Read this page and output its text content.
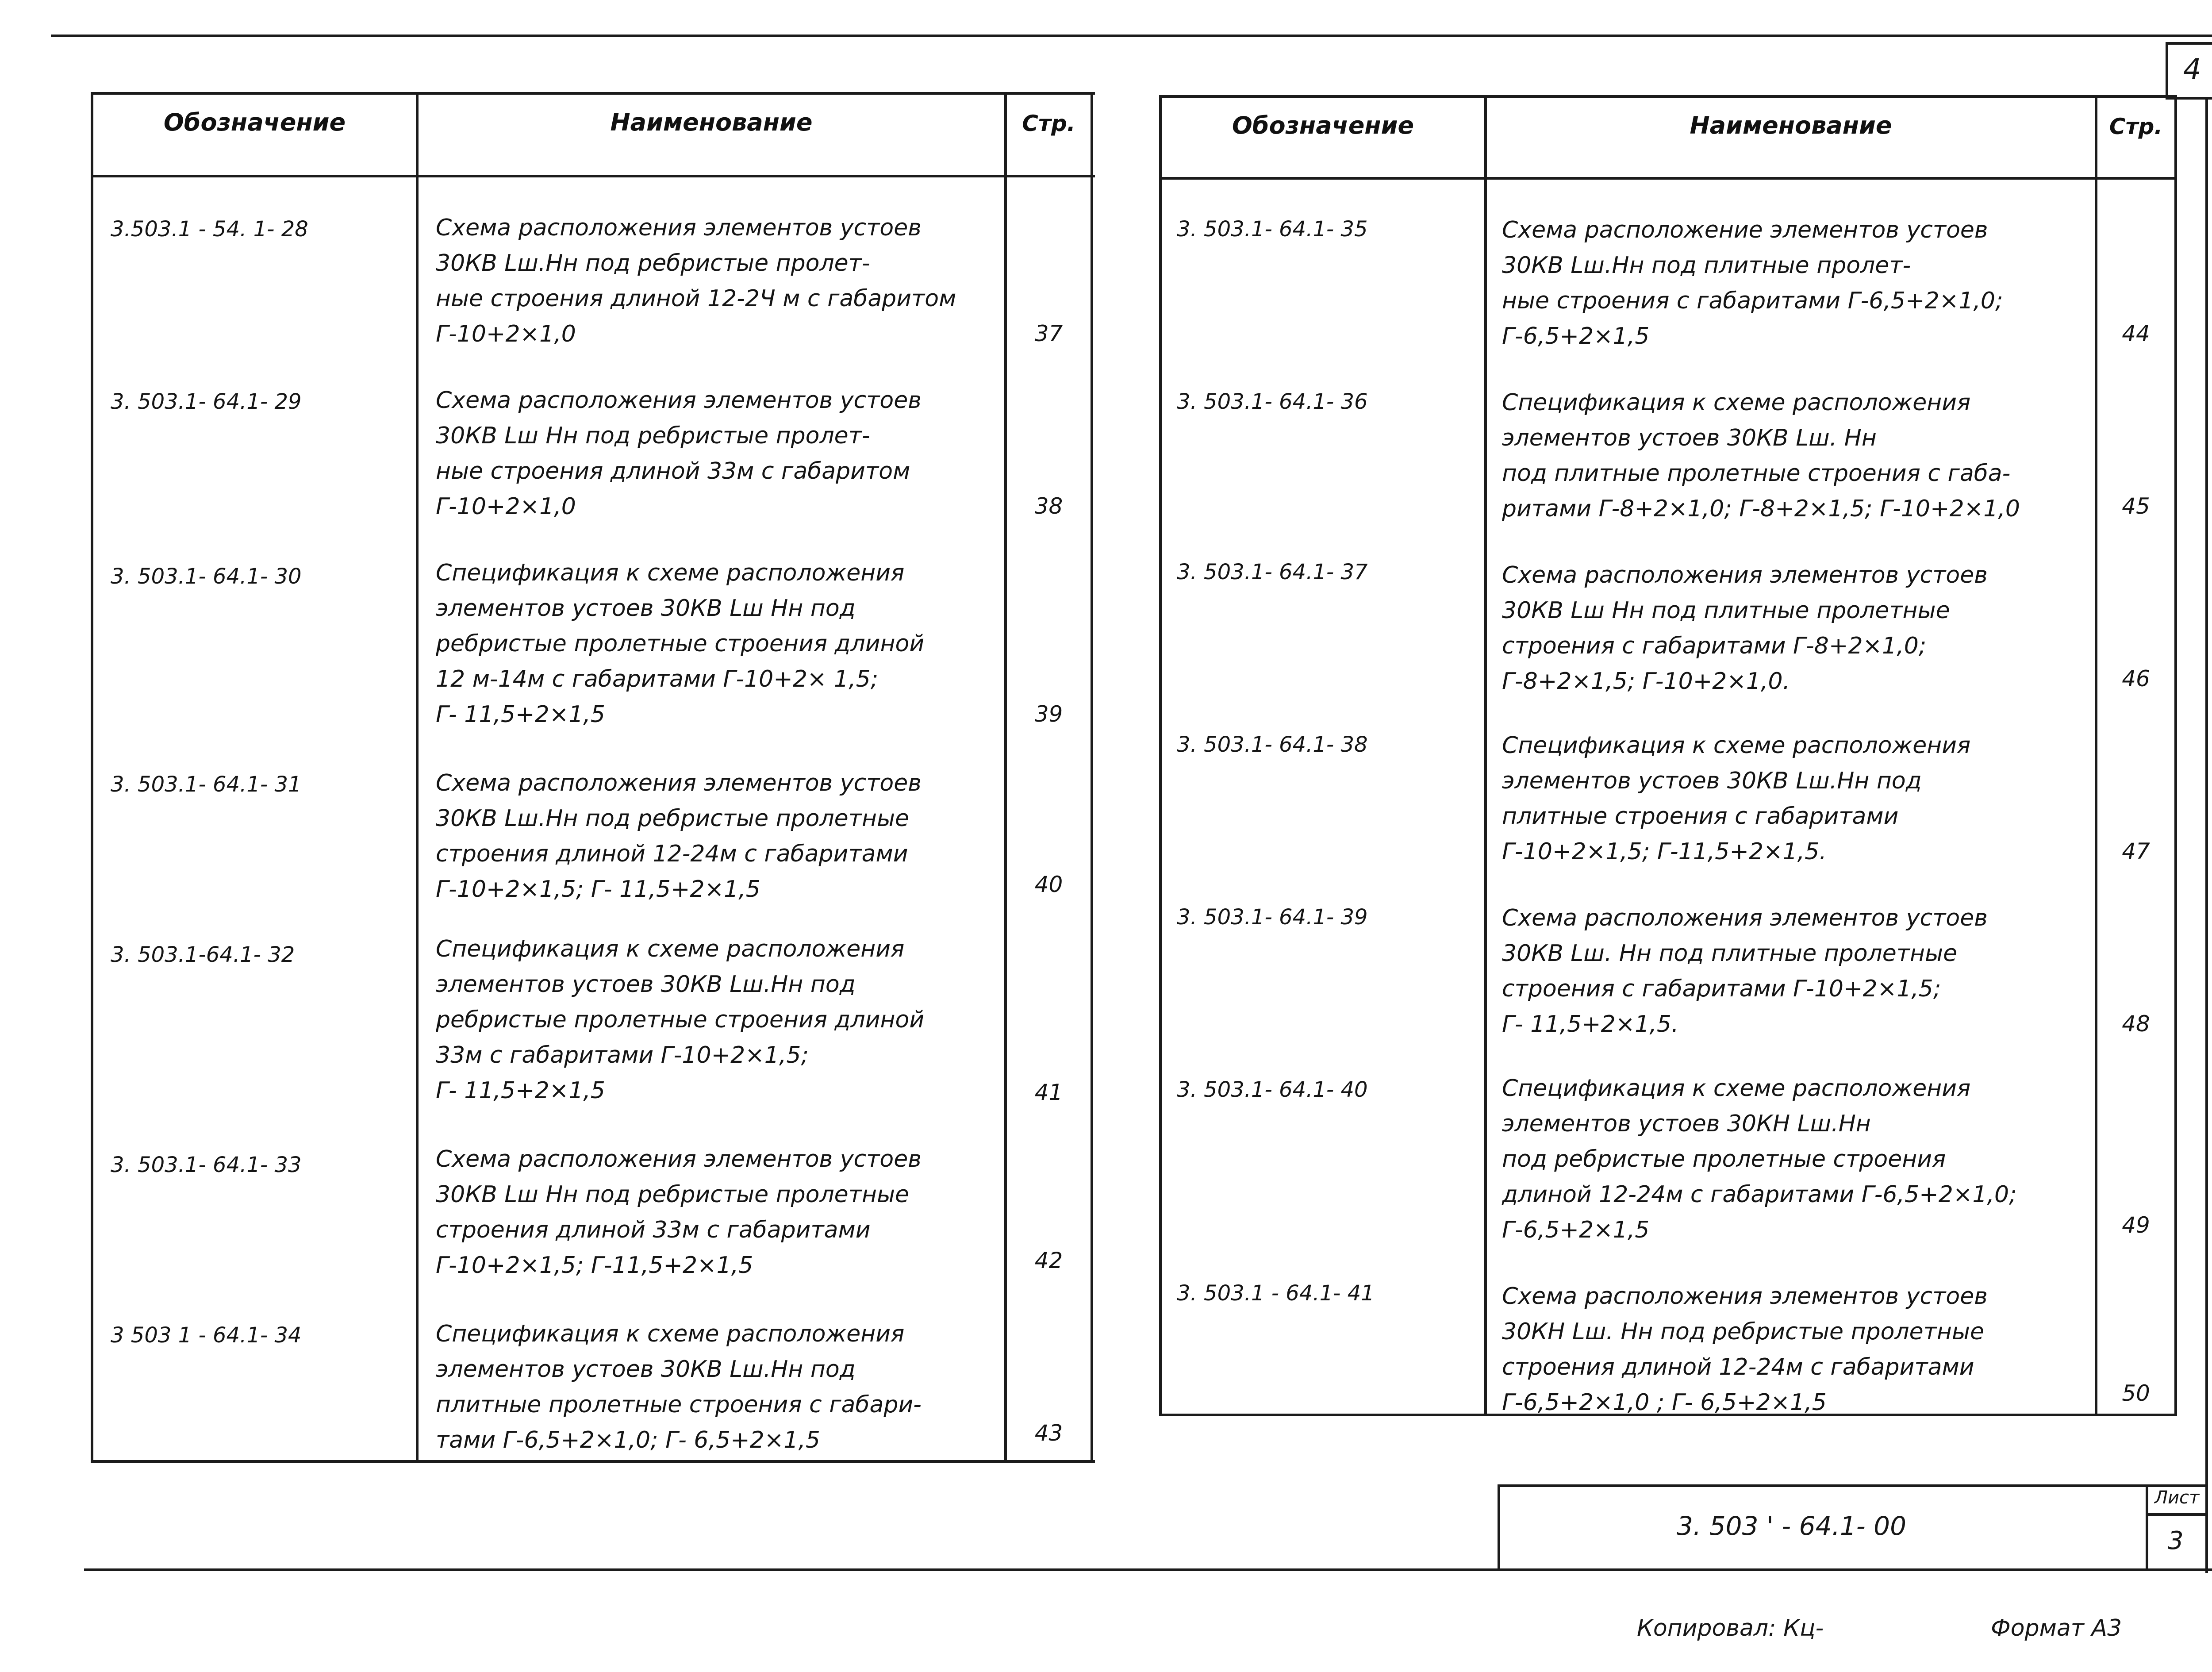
4
Обозначение	Наименование	Стр.
3.503.1 - 54. 1- 28	Схема расположения элементов устоев
30КВ Lш.Нн под ребристые пролет-
ные строения длиной 12-2Ч м с габаритом
Г-10+2×1,0	37
3. 503.1- 64.1- 29	Схема расположения элементов устоев
30КВ Lш Нн под ребристые пролет-
ные строения длиной 33м с габаритом
Г-10+2×1,0	38
3. 503.1- 64.1- 30	Спецификация к схеме расположения
элементов устоев 30КВ Lш Нн под
ребристые пролетные строения длиной
12 м-14м с габаритами Г-10+2× 1,5;
Г- 11,5+2×1,5	39
3. 503.1- 64.1- 31	Схема расположения элементов устоев
30КВ Lш.Нн под ребристые пролетные
строения длиной 12-24м с габаритами
Г-10+2×1,5; Г- 11,5+2×1,5	40
3. 503.1-64.1- 32	Спецификация к схеме расположения
элементов устоев 30КВ Lш.Нн под
ребристые пролетные строения длиной
33м с габаритами Г-10+2×1,5;
Г- 11,5+2×1,5	41
3. 503.1- 64.1- 33	Схема расположения элементов устоев
30КВ Lш Нн под ребристые пролетные
строения длиной 33м с габаритами
Г-10+2×1,5; Г-11,5+2×1,5	42
3 503 1 - 64.1- 34	Спецификация к схеме расположения
элементов устоев 30КВ Lш.Нн под
плитные пролетные строения с габари-
тами Г-6,5+2×1,0; Г- 6,5+2×1,5	43
Обозначение	Наименование	Стр.
3. 503.1- 64.1- 35	Схема расположение элементов устоев
30КВ Lш.Нн под плитные пролет-
ные строения с габаритами Г-6,5+2×1,0;
Г-6,5+2×1,5	44
3. 503.1- 64.1- 36	Спецификация к схеме расположения
элементов устоев 30КВ Lш. Нн
под плитные пролетные строения с габа-
ритами Г-8+2×1,0; Г-8+2×1,5; Г-10+2×1,0	45
3. 503.1- 64.1- 37	Схема расположения элементов устоев
30КВ Lш Нн под плитные пролетные
строения с габаритами Г-8+2×1,0;
Г-8+2×1,5; Г-10+2×1,0.	46
3. 503.1- 64.1- 38	Спецификация к схеме расположения
элементов устоев 30КВ Lш.Нн под
плитные строения с габаритами
Г-10+2×1,5; Г-11,5+2×1,5.	47
3. 503.1- 64.1- 39	Схема расположения элементов устоев
30КВ Lш. Нн под плитные пролетные
строения с габаритами Г-10+2×1,5;
Г- 11,5+2×1,5.	48
3. 503.1- 64.1- 40	Спецификация к схеме расположения
элементов устоев 30КН Lш.Нн
под ребристые пролетные строения
длиной 12-24м с габаритами Г-6,5+2×1,0;
Г-6,5+2×1,5	49
3. 503.1 - 64.1- 41	Схема расположения элементов устоев
30КН Lш. Нн под ребристые пролетные
строения длиной 12-24м с габаритами
Г-6,5+2×1,0 ; Г- 6,5+2×1,5	50
3. 503 ' - 64.1- 00
Лист
3
Копировал: Кц-	Формат А3
